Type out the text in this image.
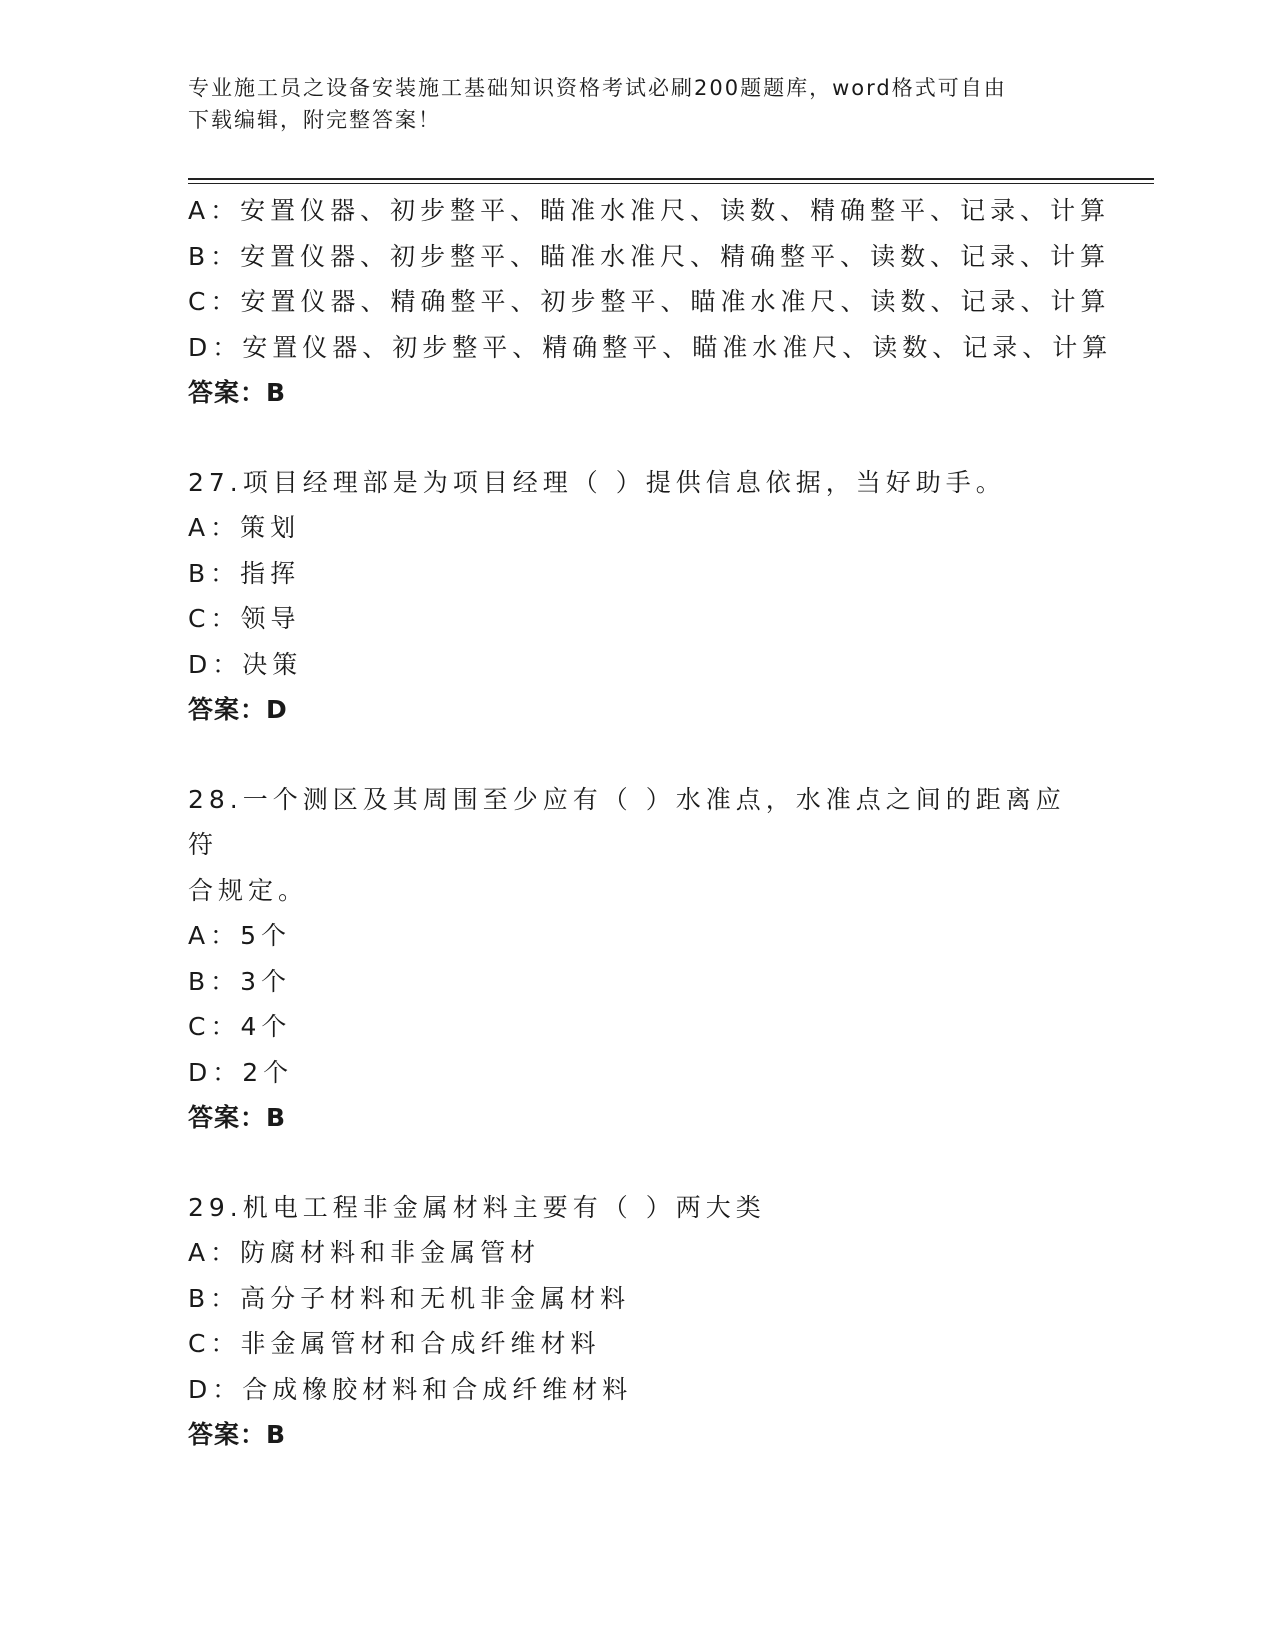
专业施工员之设备安装施工基础知识资格考试必刷200题题库，word格式可自由
下载编辑，附完整答案！
A：安置仪器、初步整平、瞄准水准尺、读数、精确整平、记录、计算
B：安置仪器、初步整平、瞄准水准尺、精确整平、读数、记录、计算
C：安置仪器、精确整平、初步整平、瞄准水准尺、读数、记录、计算
D：安置仪器、初步整平、精确整平、瞄准水准尺、读数、记录、计算
答案：B
27.项目经理部是为项目经理（ ）提供信息依据，当好助手。
A：策划
B：指挥
C：领导
D：决策
答案：D
28.一个测区及其周围至少应有（ ）水准点，水准点之间的距离应符
合规定。
A：5个
B：3个
C：4个
D：2个
答案：B
29.机电工程非金属材料主要有（ ）两大类
A：防腐材料和非金属管材
B：高分子材料和无机非金属材料
C：非金属管材和合成纤维材料
D：合成橡胶材料和合成纤维材料
答案：B
